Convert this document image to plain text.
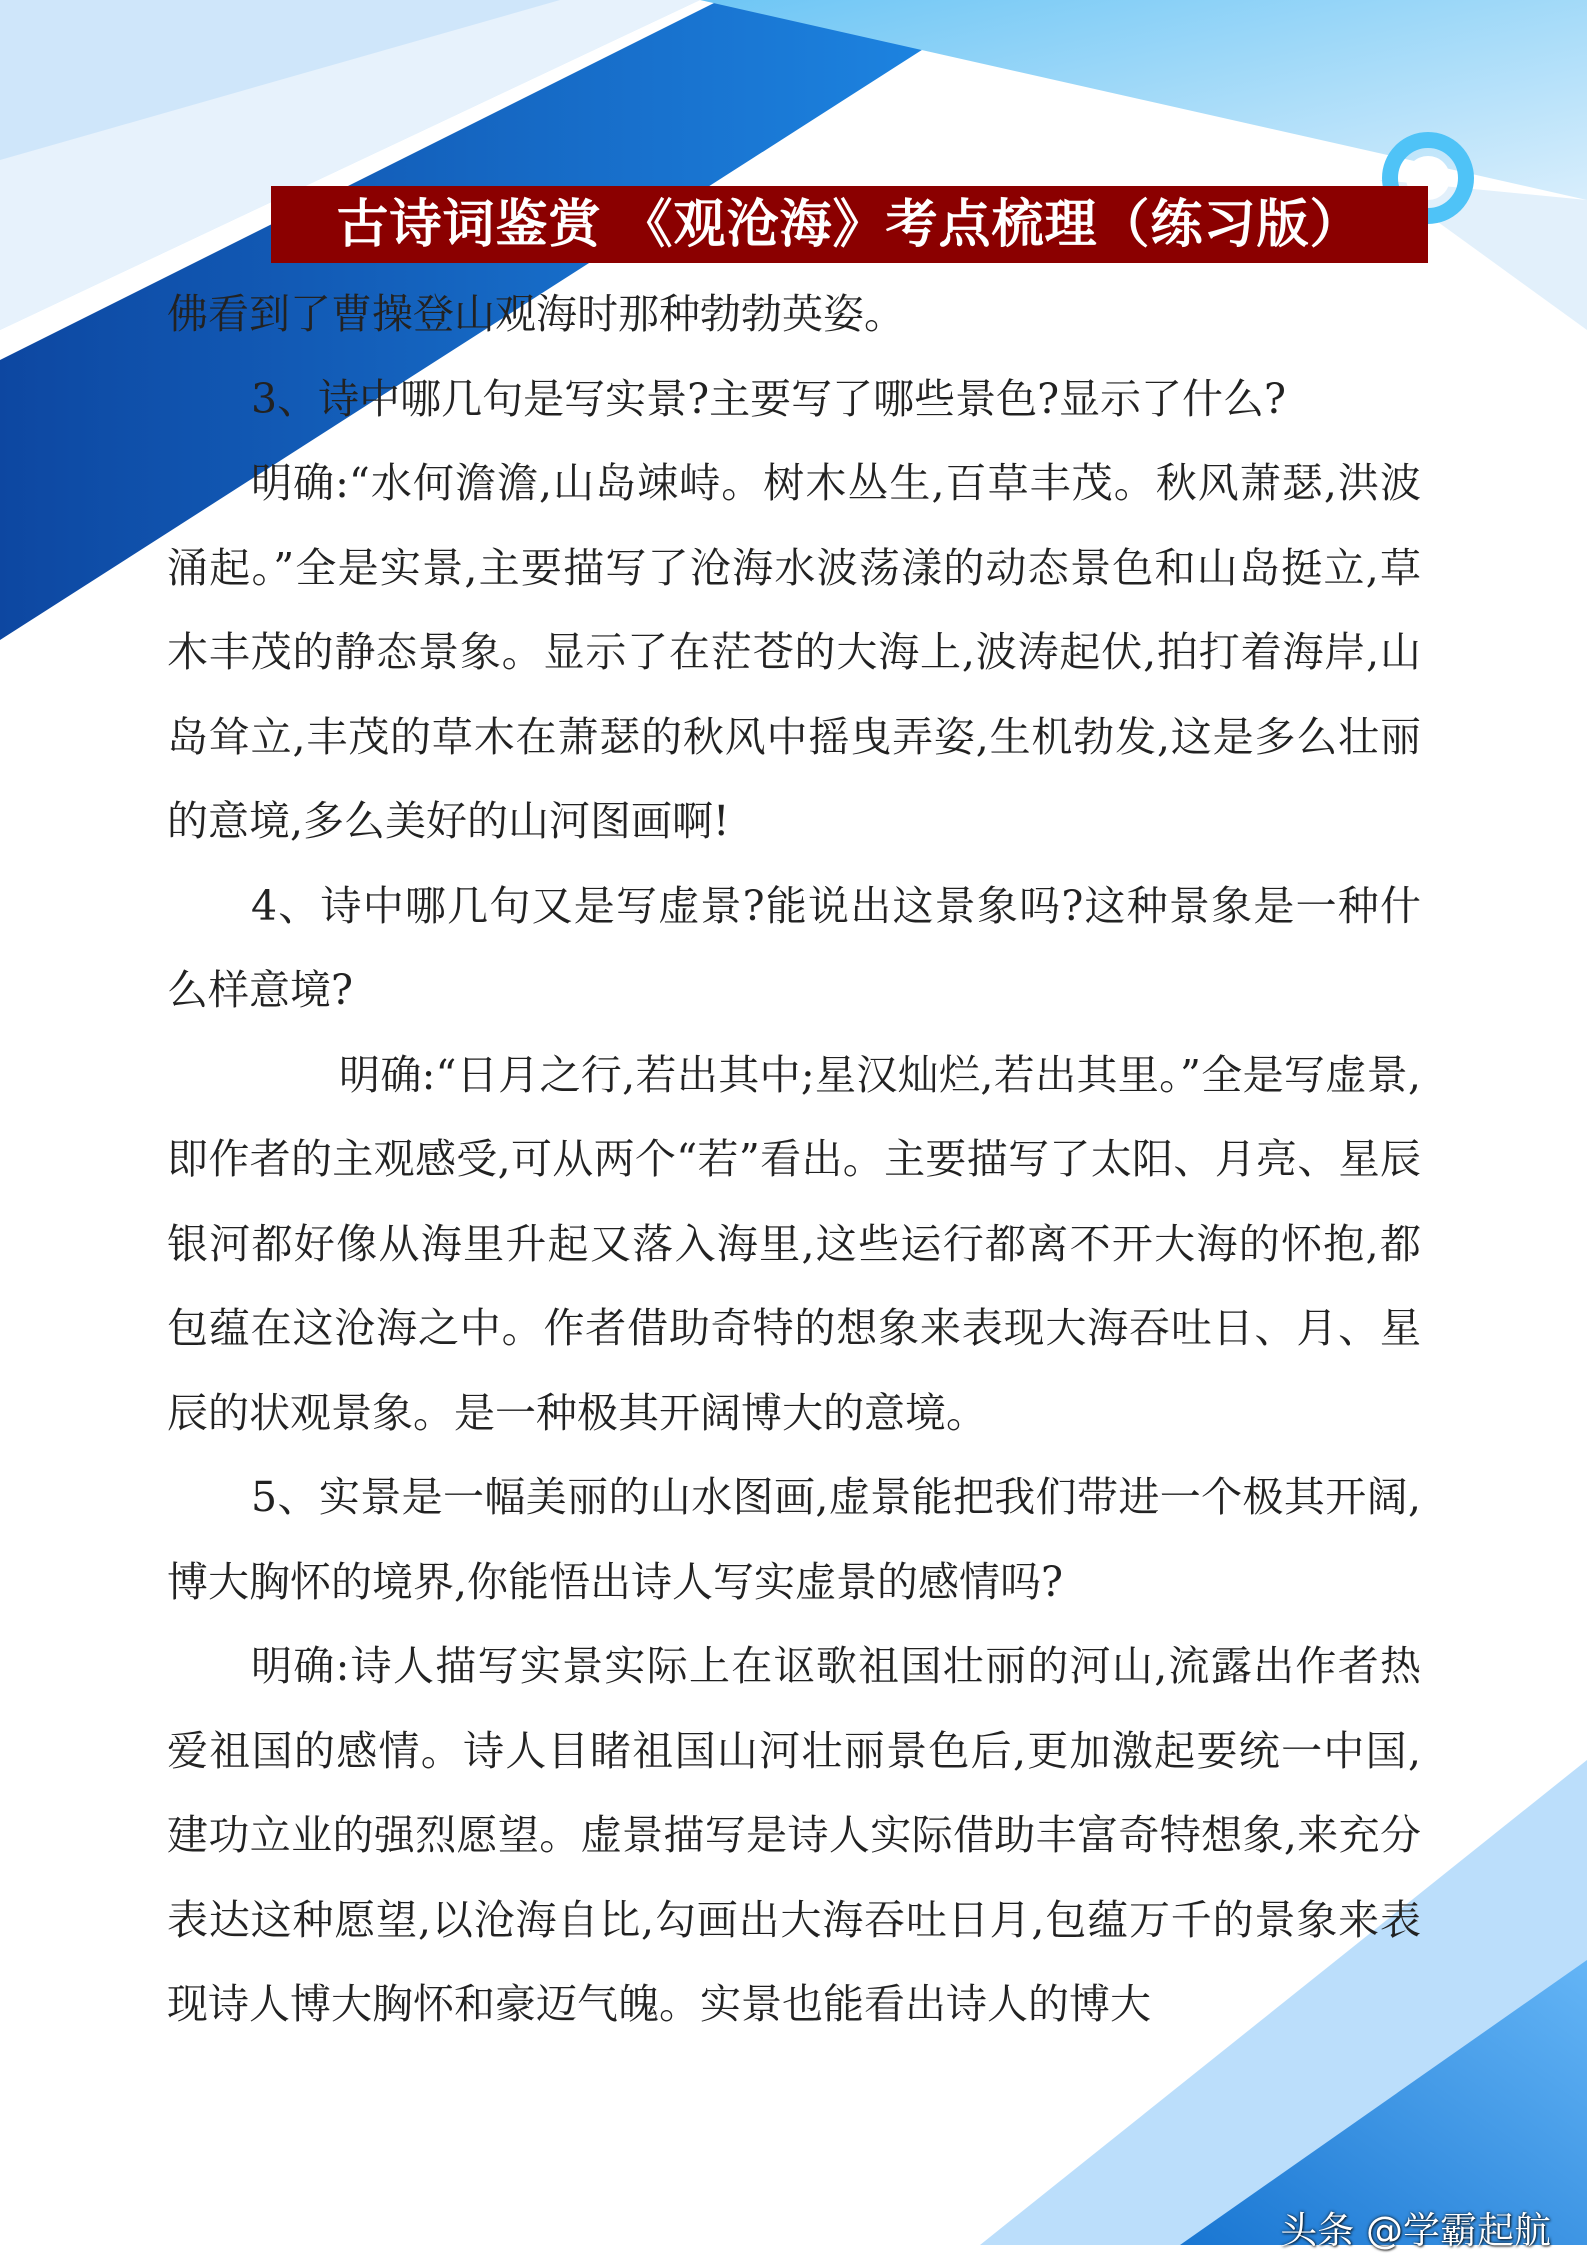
古诗词鉴赏 《观沧海》考点梳理（练习版）

佛看到了曹操登山观海时那种勃勃英姿。

3、诗中哪几句是写实景?主要写了哪些景色?显示了什么?

明确:“水何澹澹,山岛竦峙。树木丛生,百草丰茂。秋风萧瑟,洪波涌起。”全是实景,主要描写了沧海水波荡漾的动态景色和山岛挺立,草木丰茂的静态景象。显示了在茫苍的大海上,波涛起伏,拍打着海岸,山岛耸立,丰茂的草木在萧瑟的秋风中摇曳弄姿,生机勃发,这是多么壮丽的意境,多么美好的山河图画啊!

4、诗中哪几句又是写虚景?能说出这景象吗?这种景象是一种什么样意境?

明确:“日月之行,若出其中;星汉灿烂,若出其里。”全是写虚景,即作者的主观感受,可从两个“若”看出。主要描写了太阳、月亮、星辰银河都好像从海里升起又落入海里,这些运行都离不开大海的怀抱,都包蕴在这沧海之中。作者借助奇特的想象来表现大海吞吐日、月、星辰的状观景象。是一种极其开阔博大的意境。

5、实景是一幅美丽的山水图画,虚景能把我们带进一个极其开阔,博大胸怀的境界,你能悟出诗人写实虚景的感情吗?

明确:诗人描写实景实际上在讴歌祖国壮丽的河山,流露出作者热爱祖国的感情。诗人目睹祖国山河壮丽景色后,更加激起要统一中国,建功立业的强烈愿望。虚景描写是诗人实际借助丰富奇特想象,来充分表达这种愿望,以沧海自比,勾画出大海吞吐日月,包蕴万千的景象来表现诗人博大胸怀和豪迈气魄。实景也能看出诗人的博大

头条 @学霸起航
